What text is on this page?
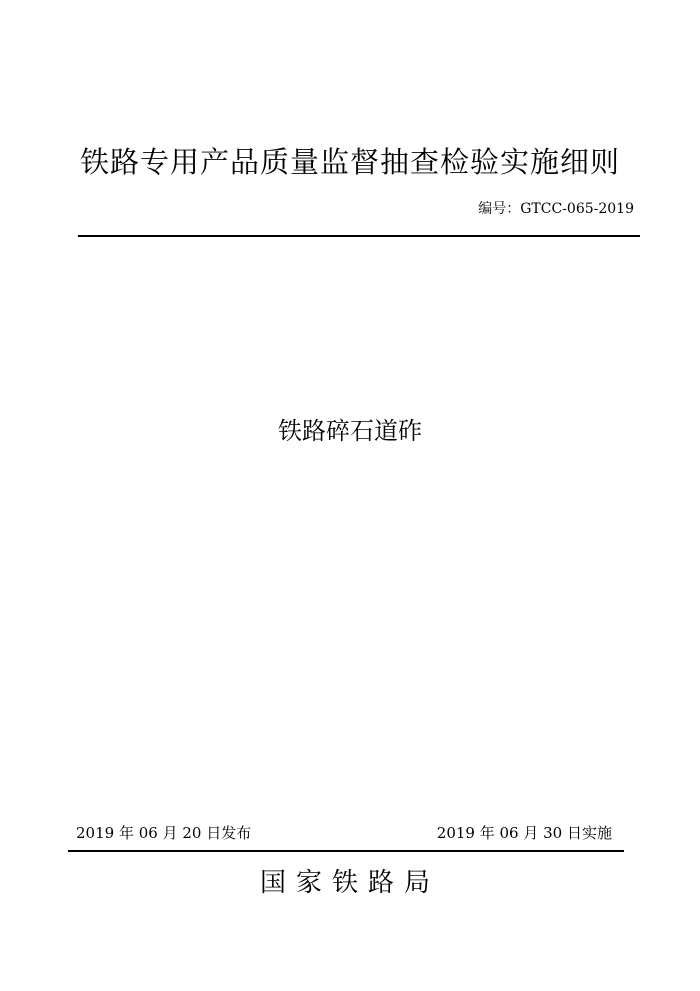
铁路专用产品质量监督抽查检验实施细则
编号：GTCC-065-2019
铁路碎石道砟
2019 年 06 月 20 日发布	2019 年 06 月 30 日实施
国家铁路局
